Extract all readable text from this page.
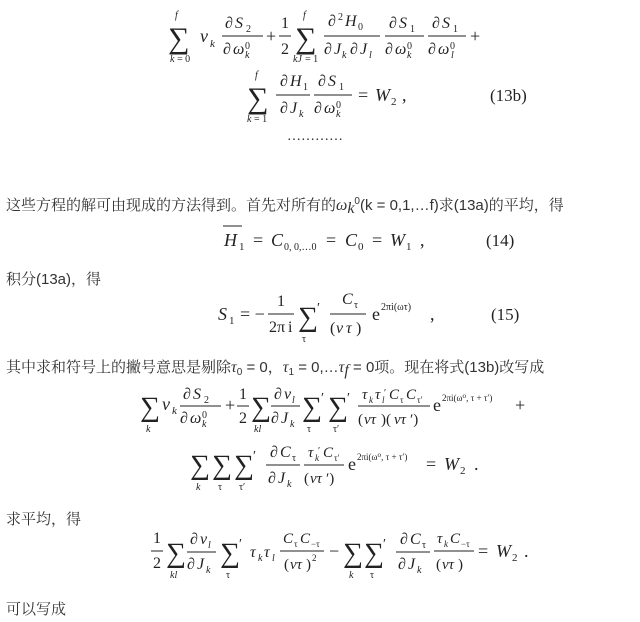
f
∑
k = 0
v k
∂ S 2
∂ ω 0
k
+
1
2
f
∑
kJ = 1
∂ 2 H 0
∂ J k ∂ J l
∂ S 1
∂ ω 0
k
∂ S 1
∂ ω 0
l
+
f
∑
k = 1
∂ H 1
∂ J k
∂ S 1
∂ ω 0
k
= W 2 ,	(13b)
…………
H 1 = C 0, 0,…0 = C 0 = W 1 ,	(14)
S 1 = −
1
2π i ∑ ′
τ
C τ
( ν τ )
e 2πi(ωτ) ,	(15)
∑
k
v k
∂ S 2
∂ ω 0
k
+
1
2 ∑
kl
∂ ν l
∂ J k
∑ ′
τ
∑ ′
τ′
τ k τ l
′ C τ C τ′
( ντ )( ντ ′)
e 2πi(ω⁰, τ + τ′) +
∑
k
∑
τ
∑ ′
τ′
∂ C τ
∂ J k
τ k
′ C τ′
( ντ ′)
e 2πi(ω⁰, τ + τ′) = W 2 .
1
2 ∑
kl
∂ ν l
∂ J k
∑ ′
τ
τ k τ l
C τ C −τ
( ντ ) 2 − ∑
k
∑ ′
τ
∂ C τ
∂ J k
τ k C −τ
( ντ )
= W 2 .
这些方程的解可由现成的方法得到。首先对所有的$\omega k^0(k$ = 0,1,…f)求(13a)的平均，得
积分(13a)，得
其中求和符号上的撇号意思是剔除$\tau_0 = 0$，$\tau_1$ = 0,…τf = 0项。现在将式(13b)改写成
求平均，得
可以写成
